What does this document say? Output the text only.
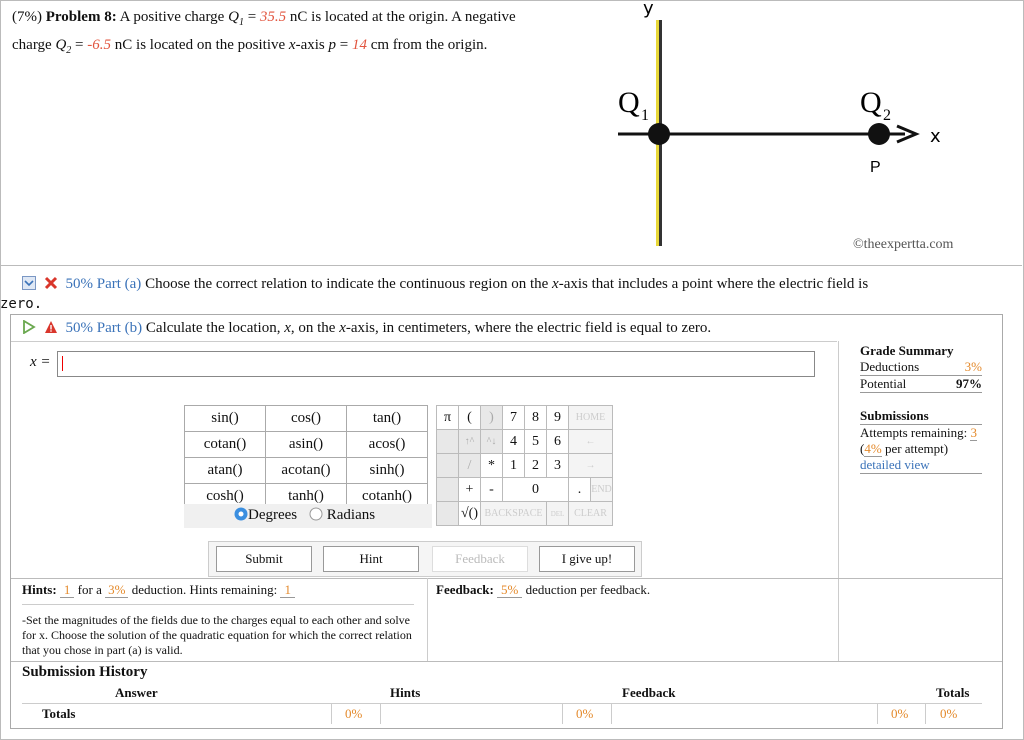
(7%) Problem 8: A positive charge $Q_1 = 35.5$ nC is located at the origin. A negative
charge $Q_2 = -6.5$ nC is located on the positive x-axis p = 14 cm from the origin.
y
x
Q 1	Q 2
P
©theexpertta.com
50% Part (a) Choose the correct relation to indicate the continuous region on the x-axis that includes a point where the electric field is
zero.
50% Part (b) Calculate the location, x, on the x-axis, in centimeters, where the electric field is equal to zero.
x =
Grade Summary
Deductions	3%
Potential	97%
Submissions
Attempts remaining: 3
(4% per attempt)
detailed view
sin()	cos()	tan()
cotan()	asin()	acos()
atan()	acotan()	sinh()
cosh()	tanh()	cotanh()
Degrees	Radians
π	(	)	7	8	9	HOME	
	↑^	^↓	4	5	6	←	
	/	*	1	2	3	→	
	+	-	0			.	END
	√()	BACKSPACE			DEL	CLEAR	
Submit	Hint	Feedback	I give up!
Hints: 1 for a 3% deduction. Hints remaining: 1	Feedback: 5% deduction per feedback.
-Set the magnitudes of the fields due to the charges equal to each other and solve for x. Choose the solution of the quadratic equation for which the correct relation that you chose in part (a) is valid.
Submission History
Answer	Hints	Feedback	Totals
Totals	0%	0%	0% 0%
